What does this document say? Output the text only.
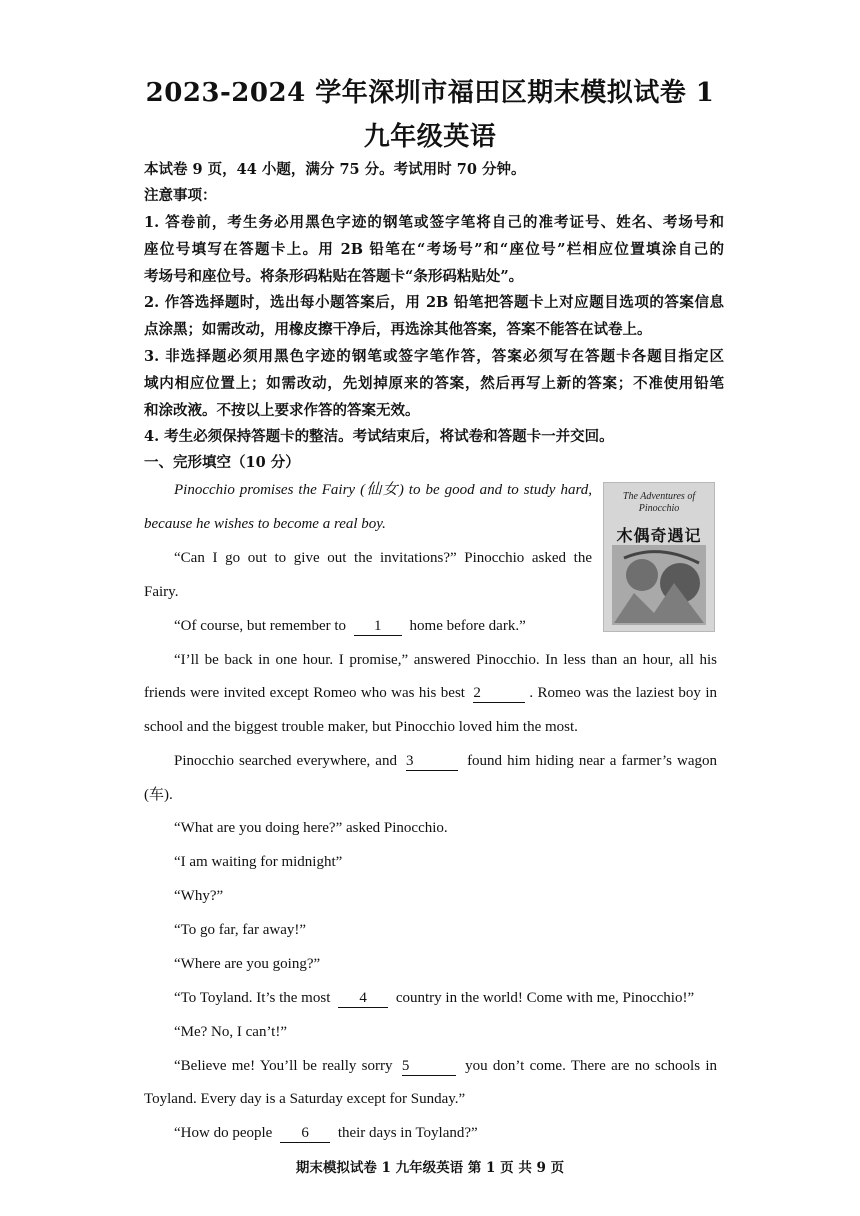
2023-2024 学年深圳市福田区期末模拟试卷 1
九年级英语
本试卷 9 页，44 小题，满分 75 分。考试用时 70 分钟。
注意事项：
1. 答卷前，考生务必用黑色字迹的钢笔或签字笔将自己的准考证号、姓名、考场号和
座位号填写在答题卡上。用 2B 铅笔在“考场号”和“座位号”栏相应位置填涂自己的
考场号和座位号。将条形码粘贴在答题卡“条形码粘贴处”。
2. 作答选择题时，选出每小题答案后，用 2B 铅笔把答题卡上对应题目选项的答案信息
点涂黑；如需改动，用橡皮擦干净后，再选涂其他答案，答案不能答在试卷上。
3. 非选择题必须用黑色字迹的钢笔或签字笔作答，答案必须写在答题卡各题目指定区
域内相应位置上；如需改动，先划掉原来的答案，然后再写上新的答案；不准使用铅笔
和涂改液。不按以上要求作答的答案无效。
4. 考生必须保持答题卡的整洁。考试结束后，将试卷和答题卡一并交回。
一、完形填空（10 分）
The Adventures of
Pinocchio
木偶奇遇记
Pinocchio promises the Fairy (仙女) to be good and to study hard,
because he wishes to become a real boy.
“Can I go out to give out the invitations?” Pinocchio asked the
Fairy.
“Of course, but remember to 1 home before dark.”
“I’ll be back in one hour. I promise,” answered Pinocchio. In less than an hour, all his
friends were invited except Romeo who was his best 2	. Romeo was the laziest boy in
school and the biggest trouble maker, but Pinocchio loved him the most.
Pinocchio searched everywhere, and 3	found him hiding near a farmer’s wagon
(车).
“What are you doing here?” asked Pinocchio.
“I am waiting for midnight”
“Why?”
“To go far, far away!”
“Where are you going?”
“To Toyland. It’s the most 4 country in the world! Come with me, Pinocchio!”
“Me? No, I can’t!”
“Believe me! You’ll be really sorry 5	you don’t come. There are no schools in
Toyland. Every day is a Saturday except for Sunday.”
“How do people 6 their days in Toyland?”
期末模拟试卷 1 九年级英语 第 1 页 共 9 页
